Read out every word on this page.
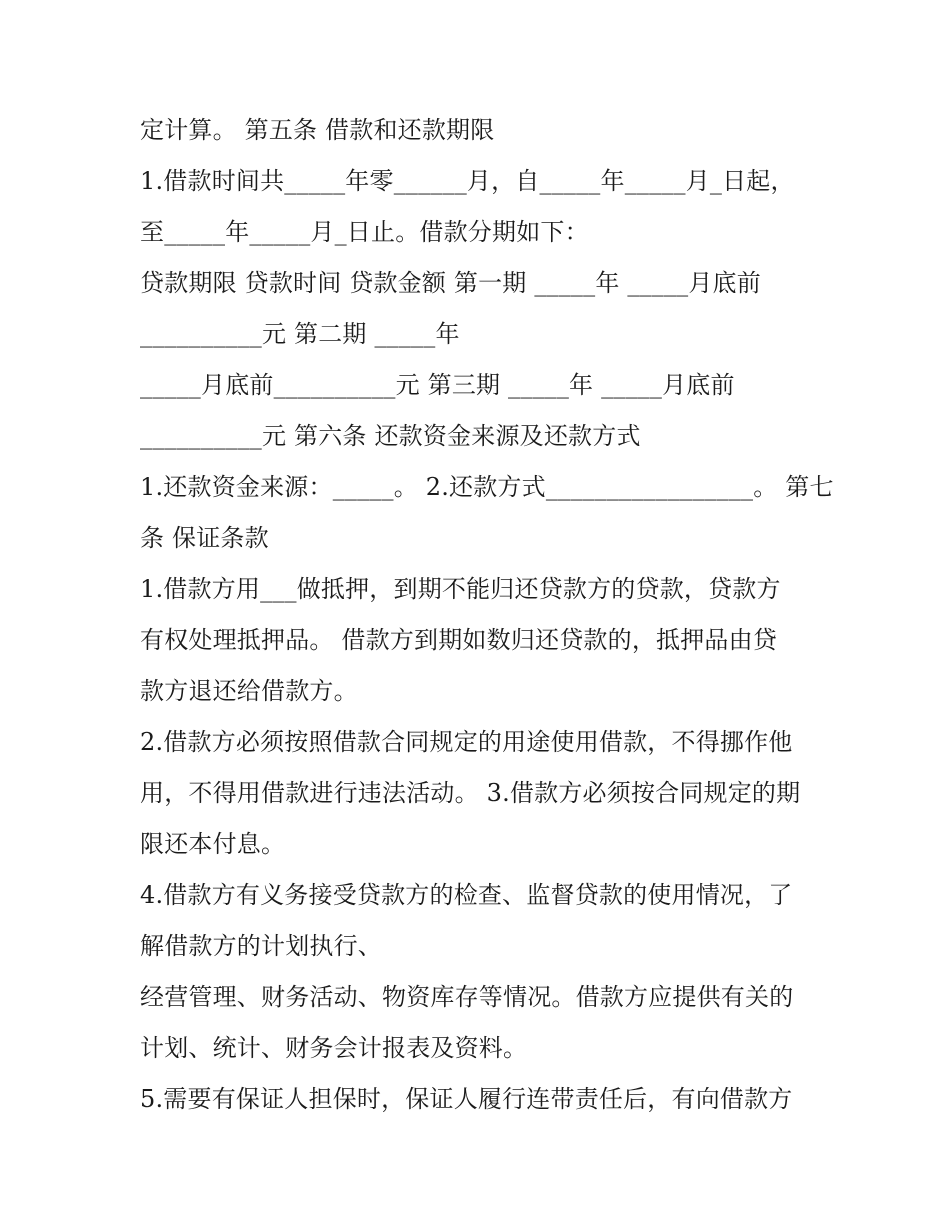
定计算。 第五条 借款和还款期限
1.借款时间共_____年零______月，自_____年_____月_日起，
至_____年_____月_日止。借款分期如下：
贷款期限 贷款时间 贷款金额 第一期 _____年 _____月底前
__________元 第二期 _____年
_____月底前__________元 第三期 _____年 _____月底前
__________元 第六条 还款资金来源及还款方式
1.还款资金来源：_____。 2.还款方式_________________。 第七
条 保证条款
1.借款方用___做抵押，到期不能归还贷款方的贷款，贷款方
有权处理抵押品。 借款方到期如数归还贷款的，抵押品由贷
款方退还给借款方。
2.借款方必须按照借款合同规定的用途使用借款，不得挪作他
用，不得用借款进行违法活动。 3.借款方必须按合同规定的期
限还本付息。
4.借款方有义务接受贷款方的检查、监督贷款的使用情况，了
解借款方的计划执行、
经营管理、财务活动、物资库存等情况。借款方应提供有关的
计划、统计、财务会计报表及资料。
5.需要有保证人担保时，保证人履行连带责任后，有向借款方
